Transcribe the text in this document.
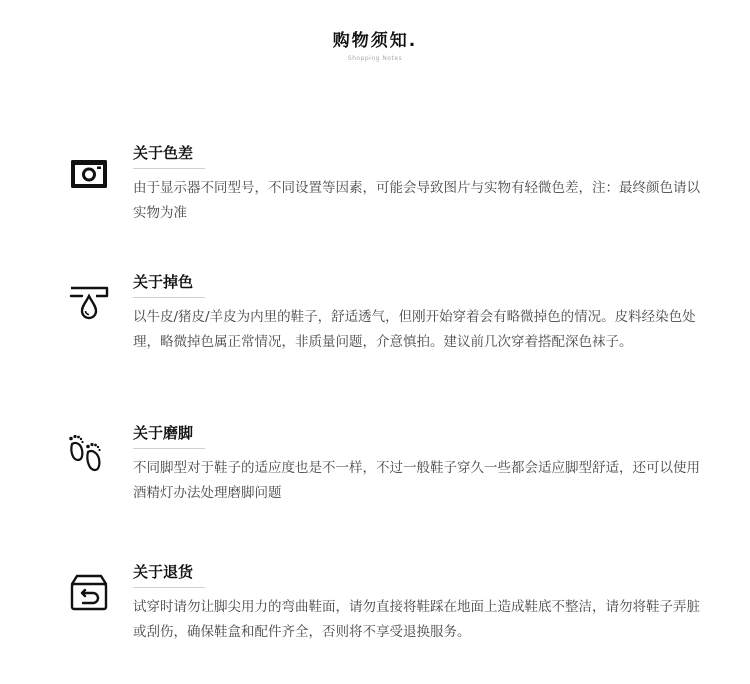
购物须知.
Shopping Notes
关于色差
由于显示器不同型号，不同设置等因素，可能会导致图片与实物有轻微色差，注：最终颜色请以实物为准
关于掉色
以牛皮/猪皮/羊皮为内里的鞋子，舒适透气，但刚开始穿着会有略微掉色的情况。皮料经染色处理，略微掉色属正常情况，非质量问题，介意慎拍。建议前几次穿着搭配深色袜子。
关于磨脚
不同脚型对于鞋子的适应度也是不一样，不过一般鞋子穿久一些都会适应脚型舒适，还可以使用酒精灯办法处理磨脚问题
关于退货
试穿时请勿让脚尖用力的弯曲鞋面，请勿直接将鞋踩在地面上造成鞋底不整洁，请勿将鞋子弄脏或刮伤，确保鞋盒和配件齐全，否则将不享受退换服务。
